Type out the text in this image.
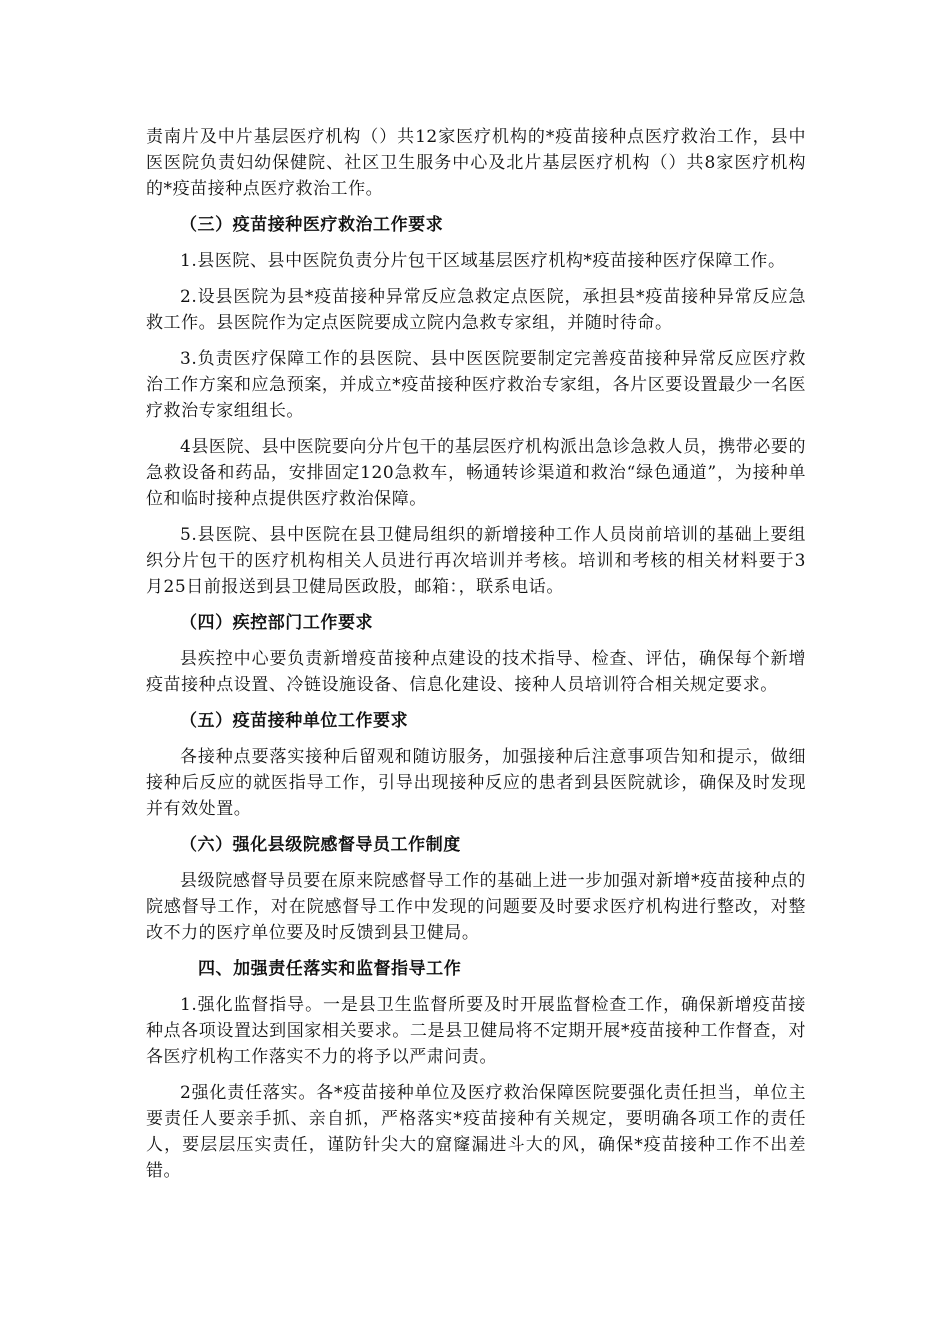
责南片及中片基层医疗机构（）共12家医疗机构的*疫苗接种点医疗救治工作，县中医医院负责妇幼保健院、社区卫生服务中心及北片基层医疗机构（）共8家医疗机构的*疫苗接种点医疗救治工作。

（三）疫苗接种医疗救治工作要求

1.县医院、县中医院负责分片包干区域基层医疗机构*疫苗接种医疗保障工作。

2.设县医院为县*疫苗接种异常反应急救定点医院，承担县*疫苗接种异常反应急救工作。县医院作为定点医院要成立院内急救专家组，并随时待命。

3.负责医疗保障工作的县医院、县中医医院要制定完善疫苗接种异常反应医疗救治工作方案和应急预案，并成立*疫苗接种医疗救治专家组，各片区要设置最少一名医疗救治专家组组长。

4县医院、县中医院要向分片包干的基层医疗机构派出急诊急救人员，携带必要的急救设备和药品，安排固定120急救车，畅通转诊渠道和救治“绿色通道”，为接种单位和临时接种点提供医疗救治保障。

5.县医院、县中医院在县卫健局组织的新增接种工作人员岗前培训的基础上要组织分片包干的医疗机构相关人员进行再次培训并考核。培训和考核的相关材料要于3月25日前报送到县卫健局医政股，邮箱：，联系电话。

（四）疾控部门工作要求

县疾控中心要负责新增疫苗接种点建设的技术指导、检查、评估，确保每个新增疫苗接种点设置、冷链设施设备、信息化建设、接种人员培训符合相关规定要求。

（五）疫苗接种单位工作要求

各接种点要落实接种后留观和随访服务，加强接种后注意事项告知和提示，做细接种后反应的就医指导工作，引导出现接种反应的患者到县医院就诊，确保及时发现并有效处置。

（六）强化县级院感督导员工作制度

县级院感督导员要在原来院感督导工作的基础上进一步加强对新增*疫苗接种点的院感督导工作，对在院感督导工作中发现的问题要及时要求医疗机构进行整改，对整改不力的医疗单位要及时反馈到县卫健局。

四、加强责任落实和监督指导工作

1.强化监督指导。一是县卫生监督所要及时开展监督检查工作，确保新增疫苗接种点各项设置达到国家相关要求。二是县卫健局将不定期开展*疫苗接种工作督查，对各医疗机构工作落实不力的将予以严肃问责。

2强化责任落实。各*疫苗接种单位及医疗救治保障医院要强化责任担当，单位主要责任人要亲手抓、亲自抓，严格落实*疫苗接种有关规定，要明确各项工作的责任人，要层层压实责任，谨防针尖大的窟窿漏进斗大的风，确保*疫苗接种工作不出差错。
